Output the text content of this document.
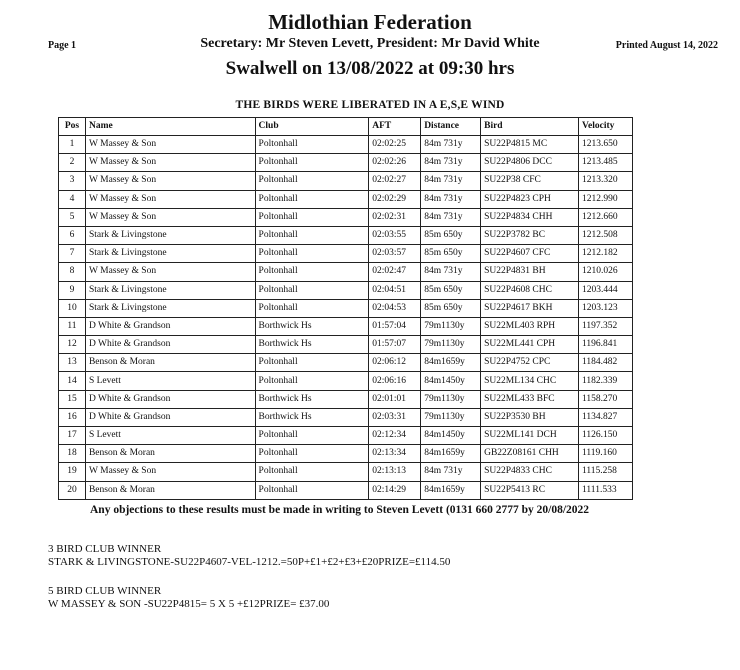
Page 1	Printed August 14, 2022
Midlothian Federation
Secretary: Mr Steven Levett, President: Mr David White
Swalwell on 13/08/2022 at 09:30 hrs
THE BIRDS WERE LIBERATED IN A E,S,E WIND
Pos	Name	Club	AFT	Distance	Bird	Velocity
1	W Massey & Son	Poltonhall	02:02:25	84m 731y	SU22P4815 MC	1213.650
2	W Massey & Son	Poltonhall	02:02:26	84m 731y	SU22P4806 DCC	1213.485
3	W Massey & Son	Poltonhall	02:02:27	84m 731y	SU22P38 CFC	1213.320
4	W Massey & Son	Poltonhall	02:02:29	84m 731y	SU22P4823 CPH	1212.990
5	W Massey & Son	Poltonhall	02:02:31	84m 731y	SU22P4834 CHH	1212.660
6	Stark & Livingstone	Poltonhall	02:03:55	85m 650y	SU22P3782 BC	1212.508
7	Stark & Livingstone	Poltonhall	02:03:57	85m 650y	SU22P4607 CFC	1212.182
8	W Massey & Son	Poltonhall	02:02:47	84m 731y	SU22P4831 BH	1210.026
9	Stark & Livingstone	Poltonhall	02:04:51	85m 650y	SU22P4608 CHC	1203.444
10	Stark & Livingstone	Poltonhall	02:04:53	85m 650y	SU22P4617 BKH	1203.123
11	D White & Grandson	Borthwick Hs	01:57:04	79m1130y	SU22ML403 RPH	1197.352
12	D White & Grandson	Borthwick Hs	01:57:07	79m1130y	SU22ML441 CPH	1196.841
13	Benson & Moran	Poltonhall	02:06:12	84m1659y	SU22P4752 CPC	1184.482
14	S Levett	Poltonhall	02:06:16	84m1450y	SU22ML134 CHC	1182.339
15	D White & Grandson	Borthwick Hs	02:01:01	79m1130y	SU22ML433 BFC	1158.270
16	D White & Grandson	Borthwick Hs	02:03:31	79m1130y	SU22P3530 BH	1134.827
17	S Levett	Poltonhall	02:12:34	84m1450y	SU22ML141 DCH	1126.150
18	Benson & Moran	Poltonhall	02:13:34	84m1659y	GB22Z08161 CHH	1119.160
19	W Massey & Son	Poltonhall	02:13:13	84m 731y	SU22P4833 CHC	1115.258
20	Benson & Moran	Poltonhall	02:14:29	84m1659y	SU22P5413 RC	1111.533
Any objections to these results must be made in writing to Steven Levett (0131 660 2777 by 20/08/2022
3 BIRD CLUB WINNER
STARK & LIVINGSTONE-SU22P4607-VEL-1212.=50P+£1+£2+£3+£20PRIZE=£114.50
5 BIRD CLUB WINNER
W MASSEY & SON -SU22P4815= 5 X 5 +£12PRIZE= £37.00
